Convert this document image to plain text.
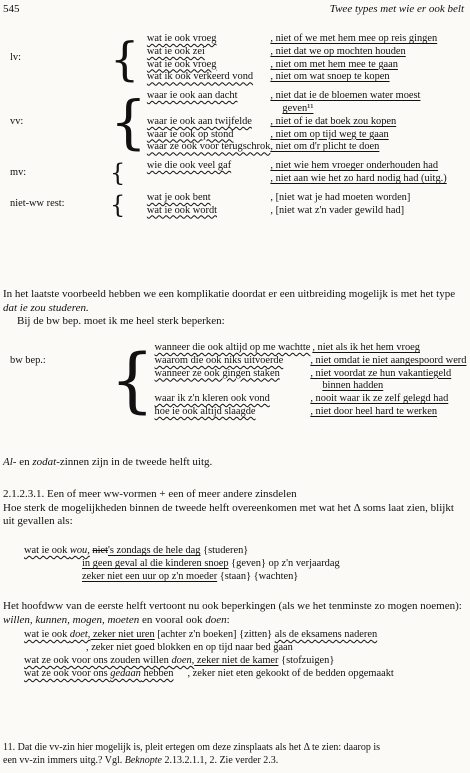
545	Twee types met wie er ook belt
lv:	{	wat ie ook vroeg	, niet of we met hem mee op reis gingen
		wat ie ook zei	, niet dat we op mochten houden
		wat ie ook vroeg	, niet om met hem mee te gaan
		wat ik ook verkeerd vond	, niet om wat snoep te kopen

vv:	{	waar ie ook aan dacht	, niet dat ie de bloemen water moest
			geven¹¹
		waar ie ook aan twijfelde	, niet of ie dat boek zou kopen
		waar ie ook op stond	, niet om op tijd weg te gaan
		waar ze ook voor terugschrok	, niet om d'r plicht te doen

mv:	{	wie die ook veel gaf	, niet wie hem vroeger onderhouden had
			, niet aan wie het zo hard nodig had (uitg.)

niet-ww rest:	{	wat je ook bent	, [niet wat je had moeten worden]
		wat ie ook wordt	, [niet wat z'n vader gewild had]
In het laatste voorbeeld hebben we een komplikatie doordat er een uitbreiding mogelijk is met het type dat ie zou studeren.
Bij de bw bep. moet ik me heel sterk beperken:
bw bep.:	{	wanneer die ook altijd op me wachtte	, niet als ik het hem vroeg
		waarom die ook niks uitvoerde	, niet omdat ie niet aangespoord werd
		wanneer ze ook gingen staken	, niet voordat ze hun vakantiegeld
			binnen hadden
		waar ik z'n kleren ook vond	, nooit waar ik ze zelf gelegd had
		hoe ie ook altijd slaagde	, niet door heel hard te werken
Al- en zodat-zinnen zijn in de tweede helft uitg.
2.1.2.3.1. Een of meer ww-vormen + een of meer andere zinsdelen
Hoe sterk de mogelijkheden binnen de tweede helft overeenkomen met wat het Δ soms laat zien, blijkt uit gevallen als:
wat ie ook wou, niet's zondags de hele dag {studeren}
in geen geval al die kinderen snoep {geven} op z'n verjaardag
zeker niet een uur op z'n moeder {staan} {wachten}
Het hoofdww van de eerste helft vertoont nu ook beperkingen (als we het tenminste zo mogen noemen): willen, kunnen, mogen, moeten en vooral ook doen:
wat ie ook doet, zeker niet uren [achter z'n boeken] {zitten} als de eksamens naderen
, zeker niet goed blokken en op tijd naar bed gaan
wat ze ook voor ons zouden willen doen, zeker niet de kamer {stofzuigen}
wat ze ook voor ons gedaan hebben , zeker niet eten gekookt of de bedden opgemaakt
11. Dat die vv-zin hier mogelijk is, pleit ertegen om deze zinsplaats als het Δ te zien: daarop is
een vv-zin immers uitg.? Vgl. Beknopte 2.13.2.1.1, 2. Zie verder 2.3.
